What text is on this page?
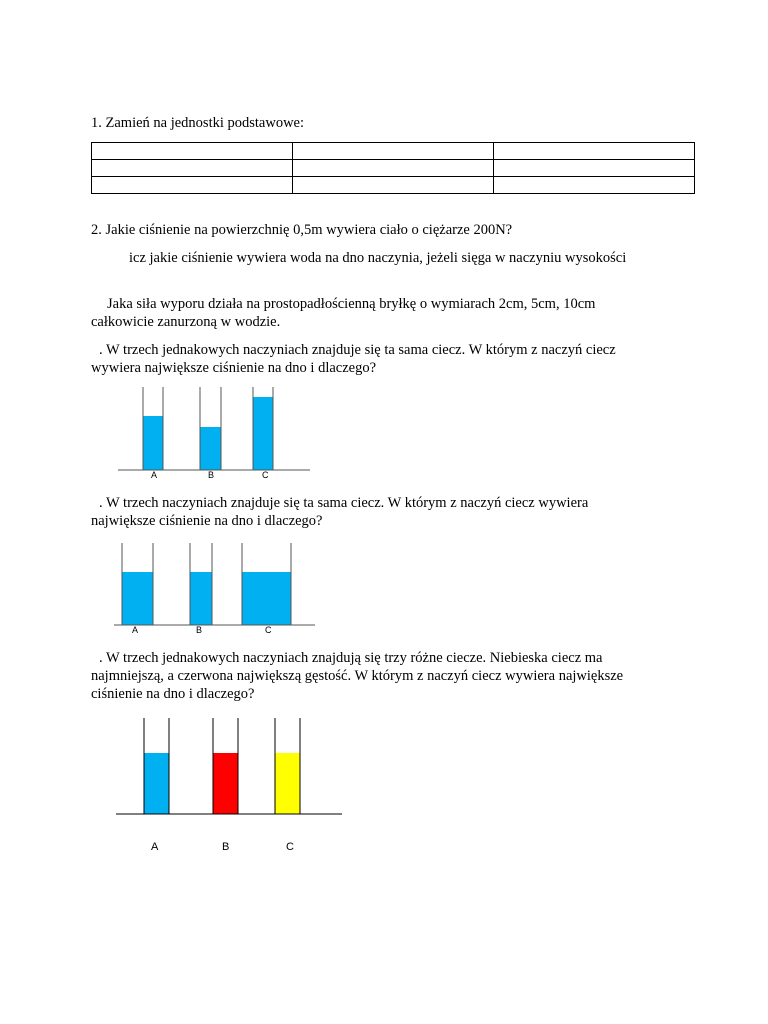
1. Zamień na jednostki podstawowe:

2. Jakie ciśnienie na powierzchnię 0,5m wywiera ciało o ciężarze 200N?
icz jakie ciśnienie wywiera woda na dno naczynia, jeżeli sięga w naczyniu wysokości
Jaka siła wyporu działa na prostopadłościenną bryłkę o wymiarach 2cm, 5cm, 10cm
całkowicie zanurzoną w wodzie.
. W trzech jednakowych naczyniach znajduje się ta sama ciecz. W którym z naczyń ciecz
wywiera największe ciśnienie na dno i dlaczego?
A	B	C
. W trzech naczyniach znajduje się ta sama ciecz. W którym z naczyń ciecz wywiera
największe ciśnienie na dno i dlaczego?
A	B	C
. W trzech jednakowych naczyniach znajdują się trzy różne ciecze. Niebieska ciecz ma
najmniejszą, a czerwona największą gęstość. W którym z naczyń ciecz wywiera największe
ciśnienie na dno i dlaczego?
A	B	C
